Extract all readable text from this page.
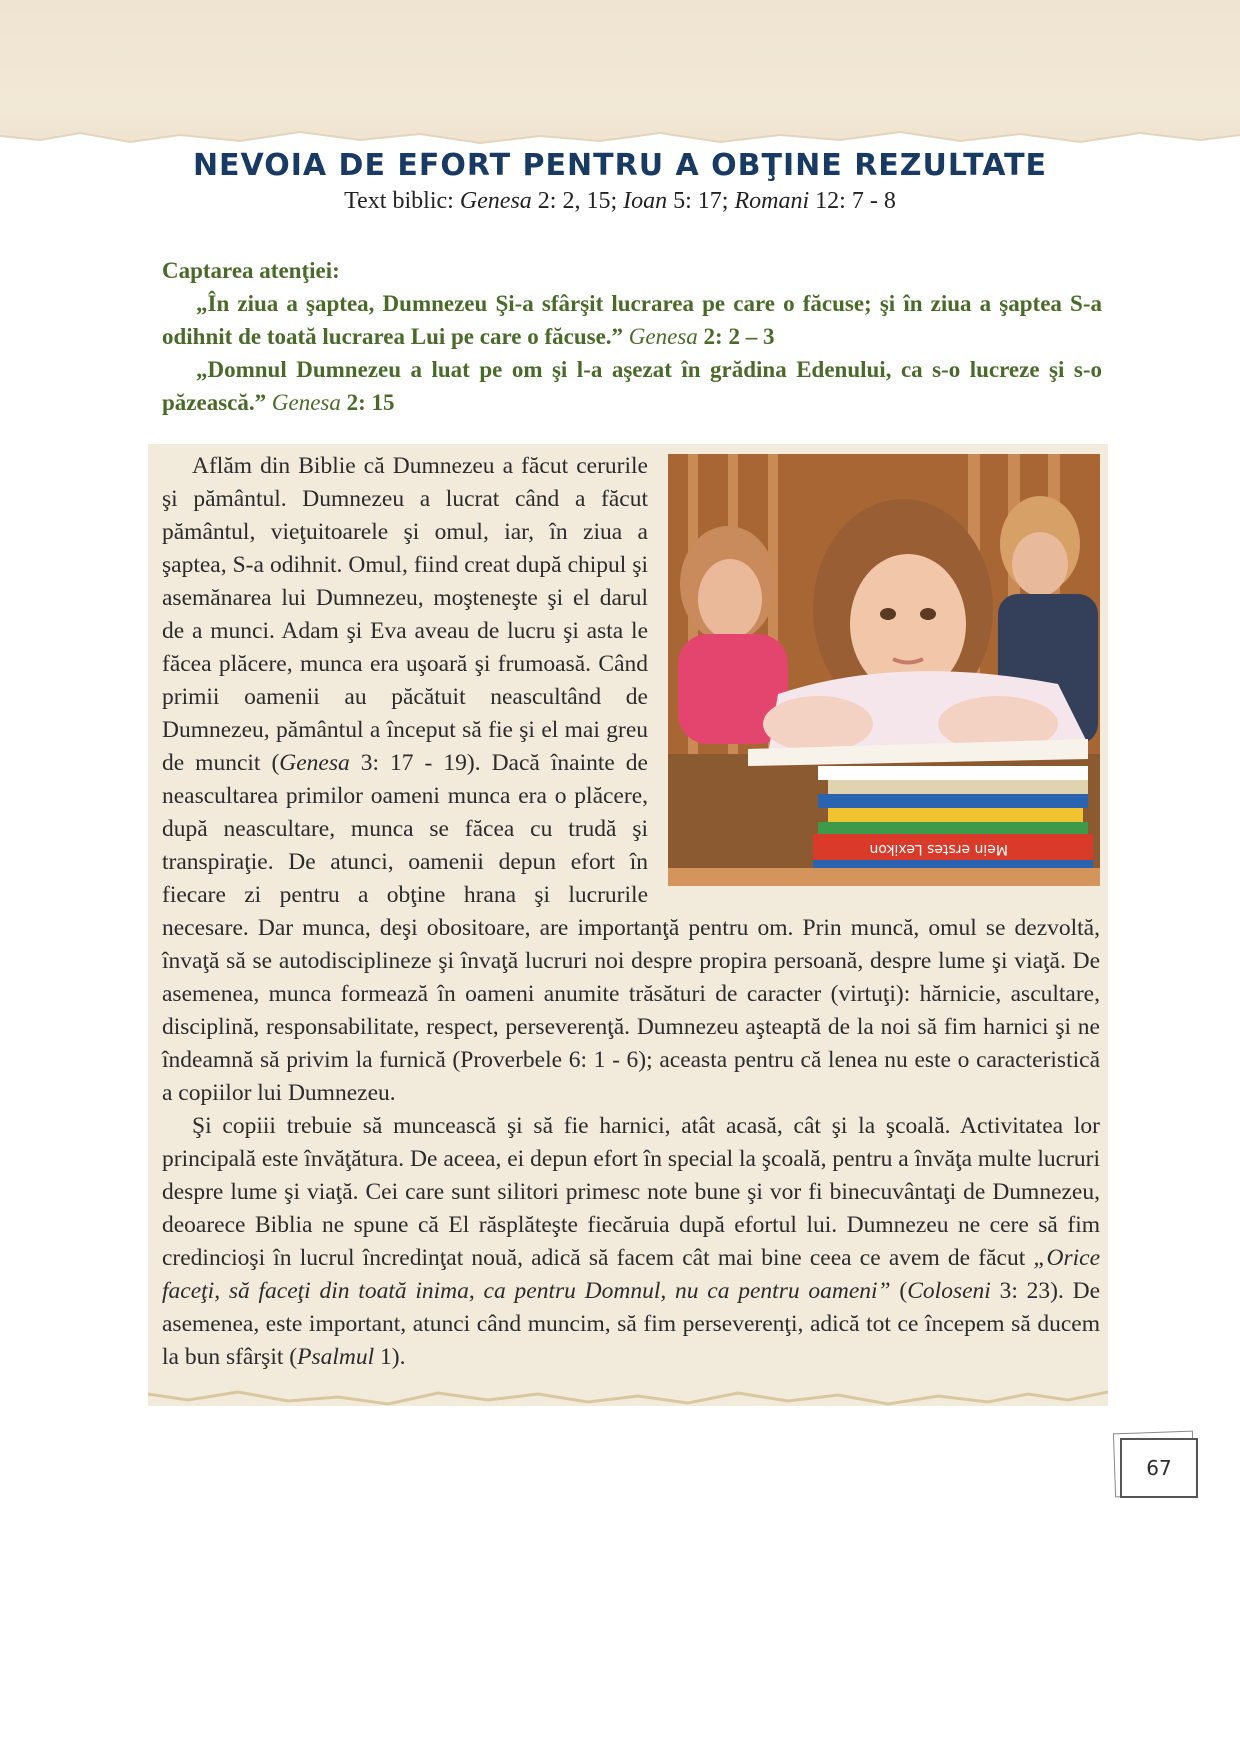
NEVOIA DE EFORT PENTRU A OBŢINE REZULTATE
Text biblic: Genesa 2: 2, 15; Ioan 5: 17; Romani 12: 7 - 8
Captarea atenţiei:

„În ziua a şaptea, Dumnezeu Şi-a sfârşit lucrarea pe care o făcuse; şi în ziua a şaptea S-a odihnit de toată lucrarea Lui pe care o făcuse.” Genesa 2: 2 – 3

„Domnul Dumnezeu a luat pe om şi l-a aşezat în grădina Edenului, ca s-o lucreze şi s-o păzească.” Genesa 2: 15

Mein erstes Lexikon

Aflăm din Biblie că Dumnezeu a făcut cerurile şi pământul. Dumnezeu a lucrat când a făcut pământul, vieţuitoarele şi omul, iar, în ziua a şaptea, S-a odihnit. Omul, fiind creat după chipul şi asemănarea lui Dumnezeu, moşteneşte şi el darul de a munci. Adam şi Eva aveau de lucru şi asta le făcea plăcere, munca era uşoară şi frumoasă. Când primii oamenii au păcătuit neascultând de Dumnezeu, pământul a început să fie şi el mai greu de muncit (Genesa 3: 17 - 19). Dacă înainte de neascultarea primilor oameni munca era o plăcere, după neascultare, munca se făcea cu trudă şi transpiraţie. De atunci, oamenii depun efort în fiecare zi pentru a obţine hrana şi lucrurile necesare. Dar munca, deşi obositoare, are importanţă pentru om. Prin muncă, omul se dezvoltă, învaţă să se autodisciplineze şi învaţă lucruri noi despre propira persoană, despre lume şi viaţă. De asemenea, munca formează în oameni anumite trăsături de caracter (virtuţi): hărnicie, ascultare, disciplină, responsabilitate, respect, perseverenţă. Dumnezeu aşteaptă de la noi să fim harnici şi ne îndeamnă să privim la furnică (Proverbele 6: 1 - 6); aceasta pentru că lenea nu este o caracteristică a copiilor lui Dumnezeu.

Şi copiii trebuie să muncească şi să fie harnici, atât acasă, cât şi la şcoală. Activitatea lor principală este învăţătura. De aceea, ei depun efort în special la şcoală, pentru a învăţa multe lucruri despre lume şi viaţă. Cei care sunt silitori primesc note bune şi vor fi binecuvântaţi de Dumnezeu, deoarece Biblia ne spune că El răsplăteşte fiecăruia după efortul lui. Dumnezeu ne cere să fim credincioşi în lucrul încredinţat nouă, adică să facem cât mai bine ceea ce avem de făcut „Orice faceţi, să faceţi din toată inima, ca pentru Domnul, nu ca pentru oameni” (Coloseni 3: 23). De asemenea, este important, atunci când muncim, să fim perseverenţi, adică tot ce începem să ducem la bun sfârşit (Psalmul 1).

67
